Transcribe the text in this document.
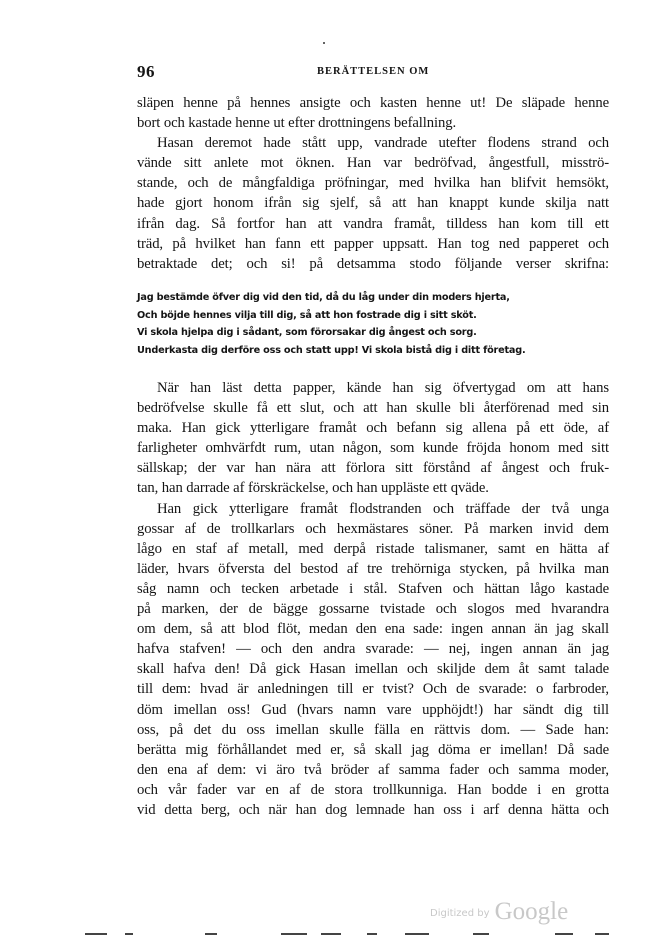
96	BERÄTTELSEN OM
släpen henne på hennes ansigte och kasten henne ut! De släpade henne
bort och kastade henne ut efter drottningens befallning.
Hasan deremot hade stått upp, vandrade utefter flodens strand och
vände sitt anlete mot öknen. Han var bedröfvad, ångestfull, misströ-
stande, och de mångfaldiga pröfningar, med hvilka han blifvit hemsökt,
hade gjort honom ifrån sig sjelf, så att han knappt kunde skilja natt
ifrån dag. Så fortfor han att vandra framåt, tilldess han kom till ett
träd, på hvilket han fann ett papper uppsatt. Han tog ned papperet och
betraktade det; och si! på detsamma stodo följande verser skrifna:
Jag bestämde öfver dig vid den tid, då du låg under din moders hjerta,
Och böjde hennes vilja till dig, så att hon fostrade dig i sitt sköt.
Vi skola hjelpa dig i sådant, som förorsakar dig ångest och sorg.
Underkasta dig derföre oss och statt upp! Vi skola bistå dig i ditt företag.
När han läst detta papper, kände han sig öfvertygad om att hans
bedröfvelse skulle få ett slut, och att han skulle bli återförenad med sin
maka. Han gick ytterligare framåt och befann sig allena på ett öde, af
farligheter omhvärfdt rum, utan någon, som kunde fröjda honom med sitt
sällskap; der var han nära att förlora sitt förstånd af ångest och fruk-
tan, han darrade af förskräckelse, och han uppläste ett qväde.
Han gick ytterligare framåt flodstranden och träffade der två unga
gossar af de trollkarlars och hexmästares söner. På marken invid dem
lågo en staf af metall, med derpå ristade talismaner, samt en hätta af
läder, hvars öfversta del bestod af tre trehörniga stycken, på hvilka man
såg namn och tecken arbetade i stål. Stafven och hättan lågo kastade
på marken, der de bägge gossarne tvistade och slogos med hvarandra
om dem, så att blod flöt, medan den ena sade: ingen annan än jag skall
hafva stafven! — och den andra svarade: — nej, ingen annan än jag
skall hafva den! Då gick Hasan imellan och skiljde dem åt samt talade
till dem: hvad är anledningen till er tvist? Och de svarade: o farbroder,
döm imellan oss! Gud (hvars namn vare upphöjdt!) har sändt dig till
oss, på det du oss imellan skulle fälla en rättvis dom. — Sade han:
berätta mig förhållandet med er, så skall jag döma er imellan! Då sade
den ena af dem: vi äro två bröder af samma fader och samma moder,
och vår fader var en af de stora trollkunniga. Han bodde i en grotta
vid detta berg, och när han dog lemnade han oss i arf denna hätta och
Digitized by Google
